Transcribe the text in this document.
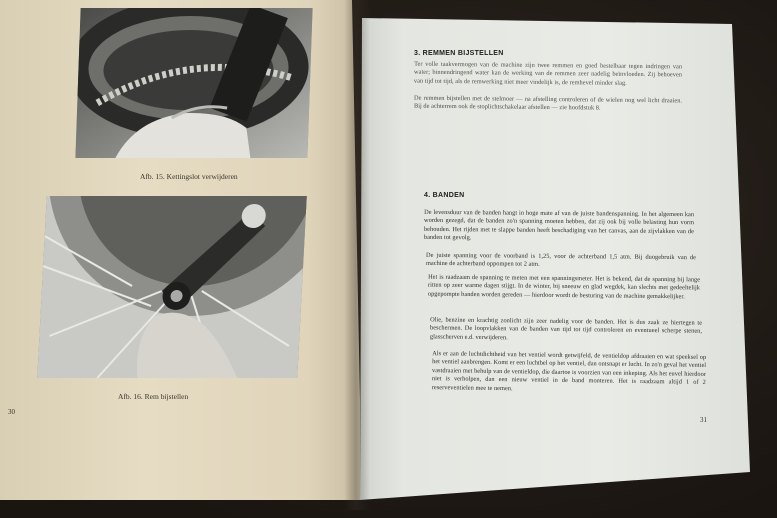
Afb. 15. Kettingslot verwijderen
Afb. 16. Rem bijstellen
30
3. REMMEN BIJSTELLEN
Ter volle taakvermogen van de machine zijn twee remmen en goed bestelbaar tegen indringen van water; binnendringend water kan de werking van de remmen zeer nadelig beïnvloeden. Zij behoeven van tijd tot tijd, als de remwerking niet meer vindelijk is, de remhevel minder slag.
De remmen bijstellen met de stelmoer — na afstelling controleren of de wielen nog wel licht draaien. Bij de achterrem ook de stoplichtschakelaar afstellen — zie hoofdstuk 8.
4. BANDEN
De levensduur van de banden hangt in hoge mate af van de juiste bandenspanning. In het algemeen kan worden gezegd, dat de banden zo'n spanning moeten hebben, dat zij ook bij volle belasting hun vorm behouden. Het rijden met te slappe banden heeft beschadiging van het canvas, aan de zijvlakken van de banden tot gevolg.
De juiste spanning voor de voorband is 1,25, voor de achterband 1,5 atm. Bij duogebruik van de machine de achterband oppompen tot 2 atm.
Het is raadzaam de spanning te meten met een spanningsmeter. Het is bekend, dat de spanning bij lange ritten op zeer warme dagen stijgt. In de winter, bij sneeuw en glad wegdek, kan slechts met gedeeltelijk opgepompte banden worden gereden — hierdoor wordt de besturing van de machine gemakkelijker.
Olie, benzine en krachtig zonlicht zijn zeer nadelig voor de banden. Het is dus zaak ze hiertegen te beschermen. De loopvlakken van de banden van tijd tot tijd controleren en eventueel scherpe stenen, glasscherven e.d. verwijderen.
Als er aan de luchtdichtheid van het ventiel wordt getwijfeld, de ventieldop afdraaien en wat speeksel op het ventiel aanbrengen. Komt er een luchtbel op het ventiel, dan ontsnapt er lucht. In zo'n geval het ventiel vastdraaien met behulp van de ventieldop, die daartoe is voorzien van een inkeping. Als het euvel hierdoor niet is verholpen, dan een nieuw ventiel in de band monteren. Het is raadzaam altijd 1 of 2 reserveventielen mee te nemen.
31
